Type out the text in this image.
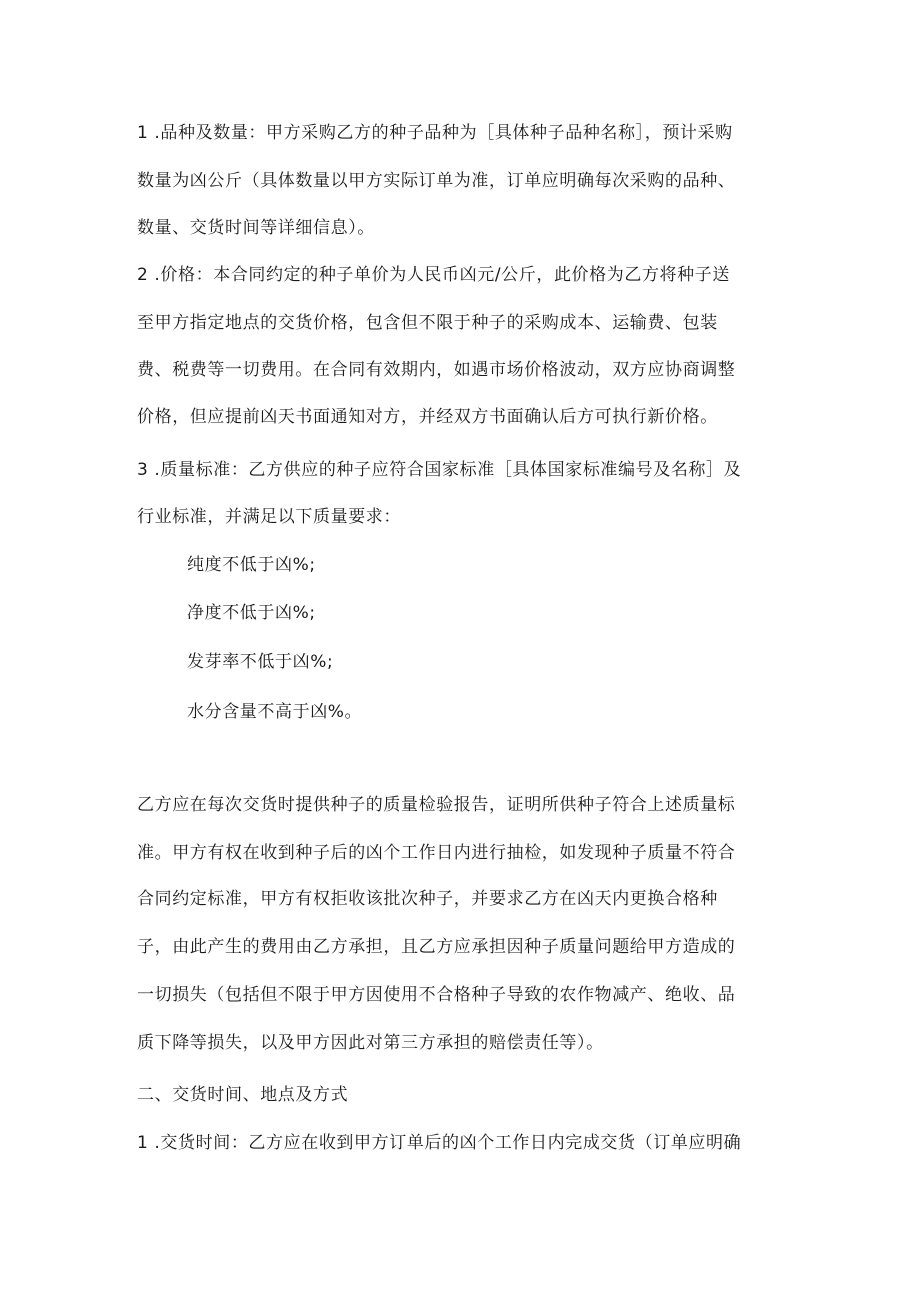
1 .品种及数量：甲方采购乙方的种子品种为［具体种子品种名称］，预计采购
数量为凶公斤（具体数量以甲方实际订单为准，订单应明确每次采购的品种、
数量、交货时间等详细信息）。
2 .价格：本合同约定的种子单价为人民币凶元/公斤，此价格为乙方将种子送
至甲方指定地点的交货价格，包含但不限于种子的采购成本、运输费、包装
费、税费等一切费用。在合同有效期内，如遇市场价格波动，双方应协商调整
价格，但应提前凶天书面通知对方，并经双方书面确认后方可执行新价格。
3 .质量标准：乙方供应的种子应符合国家标准［具体国家标准编号及名称］及
行业标准，并满足以下质量要求：
纯度不低于凶%;
净度不低于凶%;
发芽率不低于凶%;
水分含量不高于凶%。
乙方应在每次交货时提供种子的质量检验报告，证明所供种子符合上述质量标
准。甲方有权在收到种子后的凶个工作日内进行抽检，如发现种子质量不符合
合同约定标准，甲方有权拒收该批次种子，并要求乙方在凶天内更换合格种
子，由此产生的费用由乙方承担，且乙方应承担因种子质量问题给甲方造成的
一切损失（包括但不限于甲方因使用不合格种子导致的农作物减产、绝收、品
质下降等损失，以及甲方因此对第三方承担的赔偿责任等）。
二、交货时间、地点及方式
1 .交货时间：乙方应在收到甲方订单后的凶个工作日内完成交货（订单应明确
